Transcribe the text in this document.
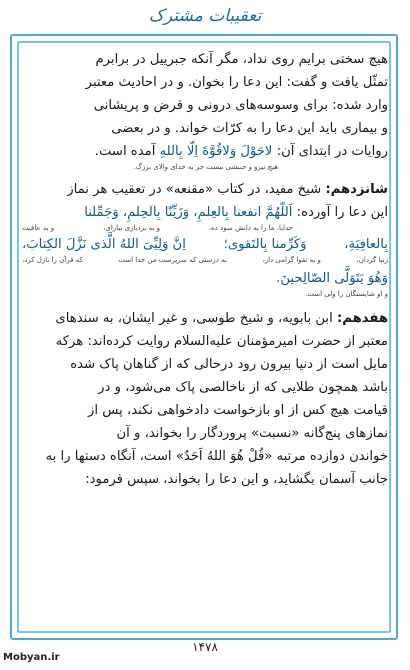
تعقیبات مشترک

هیچ سختی برایم روی نداد، مگر آنکه جبرییل در برابرم
تمثّل یافت و گفت: این دعا را بخوان. و در احادیث معتبر
وارد شده: برای وسوسه‌های درونی و قرض و پریشانی
و بیماری باید این دعا را به کرّات خواند. و در بعضی
روایات در ابتدای آن: لاحَوْلَ وَلاقُوَّةَ اِلّا بِاللهِ آمده است.

هیچ نیرو و جنبشی نیست جز به خدای والای بزرگ.

شانزدهم: شیخ مفید، در کتاب «مقنعه» در تعقیب هر نماز
این دعا را آورده: اَللّهُمَّ انفعنا بِالعِلمِ، وَزَیِّنّا بِالحِلمِ، وَجَمِّلنا

خدایا، ما را به دانش سود ده،
و به بردباری بیارای،
و به عافیت
بِالعافِیَةِ،
وَکَرِّمنا بِالتَقوی؛
اِنَّ وَلِیِّیَ اللهُ الَّذی نَزَّلَ الکِتابَ،
زیبا گردان،
و به تقوا گرامی دار،
به درستی که سرپرست من خدا است
که قرآن را نازل کرد،
وَهُوَ یَتَوَلَّی الصّالِحینَ.

و او شایستگان را ولی است.

هفدهم: ابن بابویه، و شیخ طوسی، و غیر ایشان، به سندهای
معتبر از حضرت امیرمؤمنان علیه‌السلام روایت کرده‌اند: هرکه
مایل است از دنیا بیرون رود درحالی که از گناهان پاک شده
باشد همچون طلایی که از ناخالصی پاک می‌شود، و در
قیامت هیچ کس از او بازخواست دادخواهی نکند، پس از
نمازهای پنج‌گانه «نسبت» پروردگار را بخواند، و آن
خواندن دوازده مرتبه «قُلْ هُوَ اللهُ اَحَدٌ» است، آنگاه دستها را به
جانب آسمان بگشاید، و این دعا را بخواند، سپس فرمود:

۱۴۷۸
Mobyan.ir
